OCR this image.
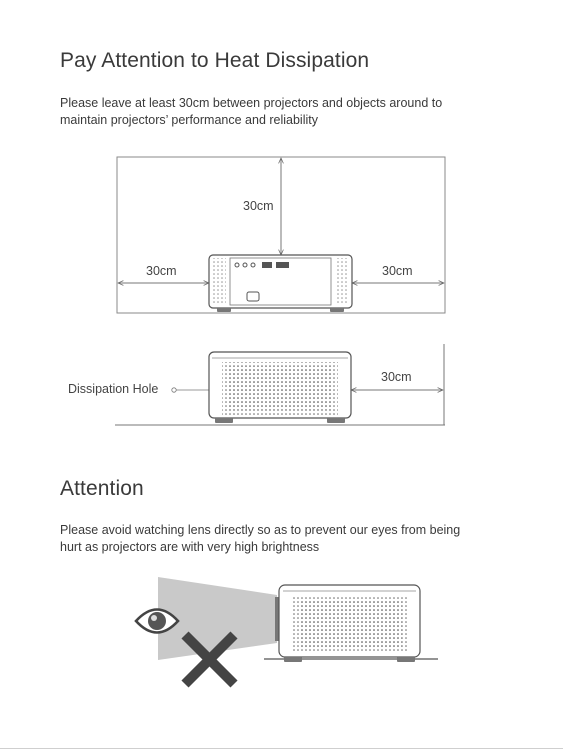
Pay Attention to Heat Dissipation
Please leave at least 30cm between projectors and objects around to
maintain projectors’ performance and reliability
30cm
30cm	30cm
Dissipation Hole
30cm
Attention
Please avoid watching lens directly so as to prevent our eyes from being
hurt as projectors are with very high brightness
